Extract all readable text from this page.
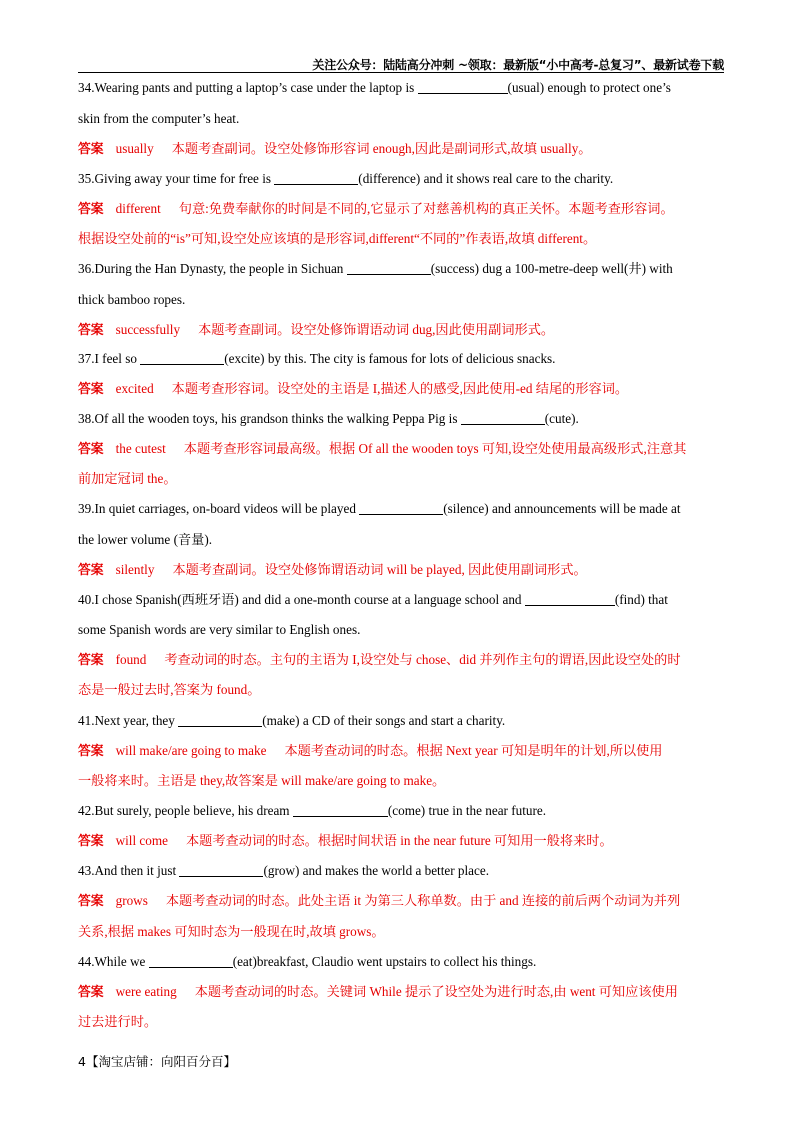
关注公众号：陆陆高分冲刺 ~领取：最新版“小中高考-总复习”、最新试卷下载
34.Wearing pants and putting a laptop’s case under the laptop is	(usual) enough to protect one’s
skin from the computer’s heat.
答案 usually 本题考查副词。设空处修饰形容词 enough,因此是副词形式,故填 usually。
35.Giving away your time for free is	(difference) and it shows real care to the charity.
答案 different 句意:免费奉献你的时间是不同的,它显示了对慈善机构的真正关怀。本题考查形容词。
根据设空处前的“is”可知,设空处应该填的是形容词,different“不同的”作表语,故填 different。
36.During the Han Dynasty, the people in Sichuan	(success) dug a 100-metre-deep well(井) with
thick bamboo ropes.
答案 successfully 本题考查副词。设空处修饰谓语动词 dug,因此使用副词形式。
37.I feel so	(excite) by this. The city is famous for lots of delicious snacks.
答案 excited 本题考查形容词。设空处的主语是 I,描述人的感受,因此使用-ed 结尾的形容词。
38.Of all the wooden toys, his grandson thinks the walking Peppa Pig is	(cute).
答案 the cutest 本题考查形容词最高级。根据 Of all the wooden toys 可知,设空处使用最高级形式,注意其
前加定冠词 the。
39.In quiet carriages, on-board videos will be played	(silence) and announcements will be made at
the lower volume (音量).
答案 silently 本题考查副词。设空处修饰谓语动词 will be played, 因此使用副词形式。
40.I chose Spanish(西班牙语) and did a one-month course at a language school and	(find) that
some Spanish words are very similar to English ones.
答案 found 考查动词的时态。主句的主语为 I,设空处与 chose、did 并列作主句的谓语,因此设空处的时
态是一般过去时,答案为 found。
41.Next year, they	(make) a CD of their songs and start a charity.
答案 will make/are going to make 本题考查动词的时态。根据 Next year 可知是明年的计划,所以使用
一般将来时。主语是 they,故答案是 will make/are going to make。
42.But surely, people believe, his dream	(come) true in the near future.
答案 will come 本题考查动词的时态。根据时间状语 in the near future 可知用一般将来时。
43.And then it just	(grow) and makes the world a better place.
答案 grows 本题考查动词的时态。此处主语 it 为第三人称单数。由于 and 连接的前后两个动词为并列
关系,根据 makes 可知时态为一般现在时,故填 grows。
44.While we	(eat)breakfast, Claudio went upstairs to collect his things.
答案 were eating 本题考查动词的时态。关键词 While 提示了设空处为进行时态,由 went 可知应该使用
过去进行时。
4【淘宝店铺：向阳百分百】
